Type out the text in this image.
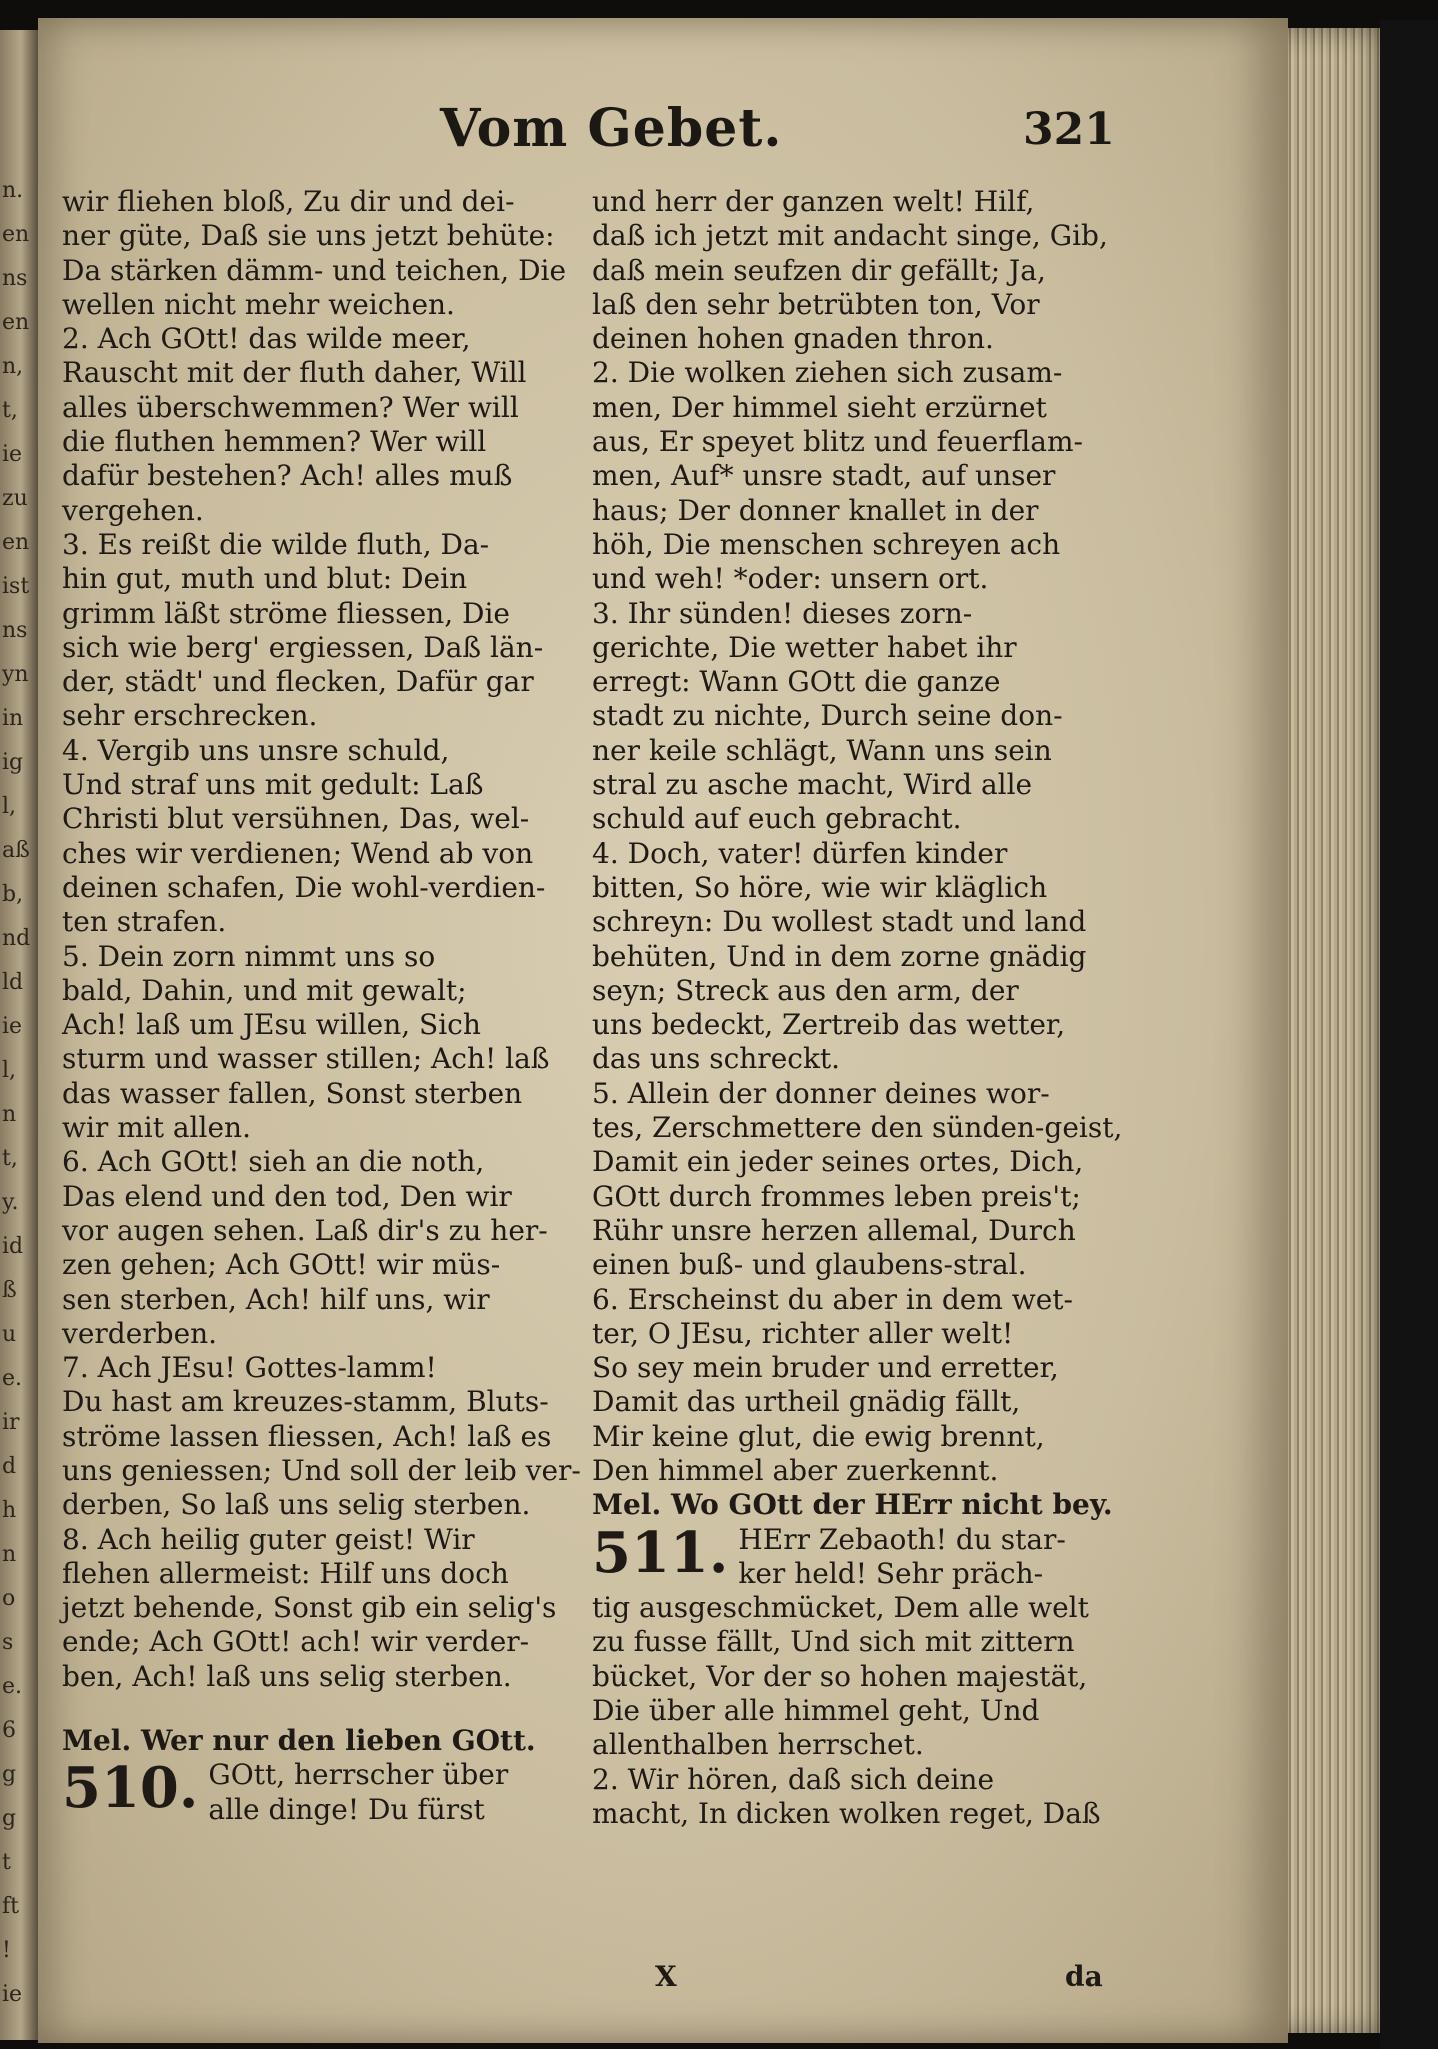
n.
en
ns
en
n,
t,
ie
zu
en
ist
ns
yn
in
ig
l,
aß
b,
nd
ld
ie
l,
n
t,
y.
id
ß
u
e.
ir
d
h
n
o
s
e.
6
g
g
t
ft
!
ie
Vom Gebet.	321
wir fliehen bloß, Zu dir und dei-
ner güte, Daß sie uns jetzt behüte:
Da stärken dämm- und teichen, Die
wellen nicht mehr weichen.
2. Ach GOtt! das wilde meer,
Rauscht mit der fluth daher, Will
alles überschwemmen? Wer will
die fluthen hemmen? Wer will
dafür bestehen? Ach! alles muß
vergehen.
3. Es reißt die wilde fluth, Da-
hin gut, muth und blut: Dein
grimm läßt ströme fliessen, Die
sich wie berg' ergiessen, Daß län-
der, städt' und flecken, Dafür gar
sehr erschrecken.
4. Vergib uns unsre schuld,
Und straf uns mit gedult: Laß
Christi blut versühnen, Das, wel-
ches wir verdienen; Wend ab von
deinen schafen, Die wohl-verdien-
ten strafen.
5. Dein zorn nimmt uns so
bald, Dahin, und mit gewalt;
Ach! laß um JEsu willen, Sich
sturm und wasser stillen; Ach! laß
das wasser fallen, Sonst sterben
wir mit allen.
6. Ach GOtt! sieh an die noth,
Das elend und den tod, Den wir
vor augen sehen. Laß dir's zu her-
zen gehen; Ach GOtt! wir müs-
sen sterben, Ach! hilf uns, wir
verderben.
7. Ach JEsu! Gottes-lamm!
Du hast am kreuzes-stamm, Bluts-
ströme lassen fliessen, Ach! laß es
uns geniessen; Und soll der leib ver-
derben, So laß uns selig sterben.
8. Ach heilig guter geist! Wir
flehen allermeist: Hilf uns doch
jetzt behende, Sonst gib ein selig's
ende; Ach GOtt! ach! wir verder-
ben, Ach! laß uns selig sterben.
Mel. Wer nur den lieben GOtt.
510. GOtt, herrscher über
alle dinge! Du fürst
und herr der ganzen welt! Hilf,
daß ich jetzt mit andacht singe, Gib,
daß mein seufzen dir gefällt; Ja,
laß den sehr betrübten ton, Vor
deinen hohen gnaden thron.
2. Die wolken ziehen sich zusam-
men, Der himmel sieht erzürnet
aus, Er speyet blitz und feuerflam-
men, Auf* unsre stadt, auf unser
haus; Der donner knallet in der
höh, Die menschen schreyen ach
und weh! *oder: unsern ort.
3. Ihr sünden! dieses zorn-
gerichte, Die wetter habet ihr
erregt: Wann GOtt die ganze
stadt zu nichte, Durch seine don-
ner keile schlägt, Wann uns sein
stral zu asche macht, Wird alle
schuld auf euch gebracht.
4. Doch, vater! dürfen kinder
bitten, So höre, wie wir kläglich
schreyn: Du wollest stadt und land
behüten, Und in dem zorne gnädig
seyn; Streck aus den arm, der
uns bedeckt, Zertreib das wetter,
das uns schreckt.
5. Allein der donner deines wor-
tes, Zerschmettere den sünden-geist,
Damit ein jeder seines ortes, Dich,
GOtt durch frommes leben preis't;
Rühr unsre herzen allemal, Durch
einen buß- und glaubens-stral.
6. Erscheinst du aber in dem wet-
ter, O JEsu, richter aller welt!
So sey mein bruder und erretter,
Damit das urtheil gnädig fällt,
Mir keine glut, die ewig brennt,
Den himmel aber zuerkennt.
Mel. Wo GOtt der HErr nicht bey.
511. HErr Zebaoth! du star-
ker held! Sehr präch-
tig ausgeschmücket, Dem alle welt
zu fusse fällt, Und sich mit zittern
bücket, Vor der so hohen majestät,
Die über alle himmel geht, Und
allenthalben herrschet.
2. Wir hören, daß sich deine
macht, In dicken wolken reget, Daß
X	da
